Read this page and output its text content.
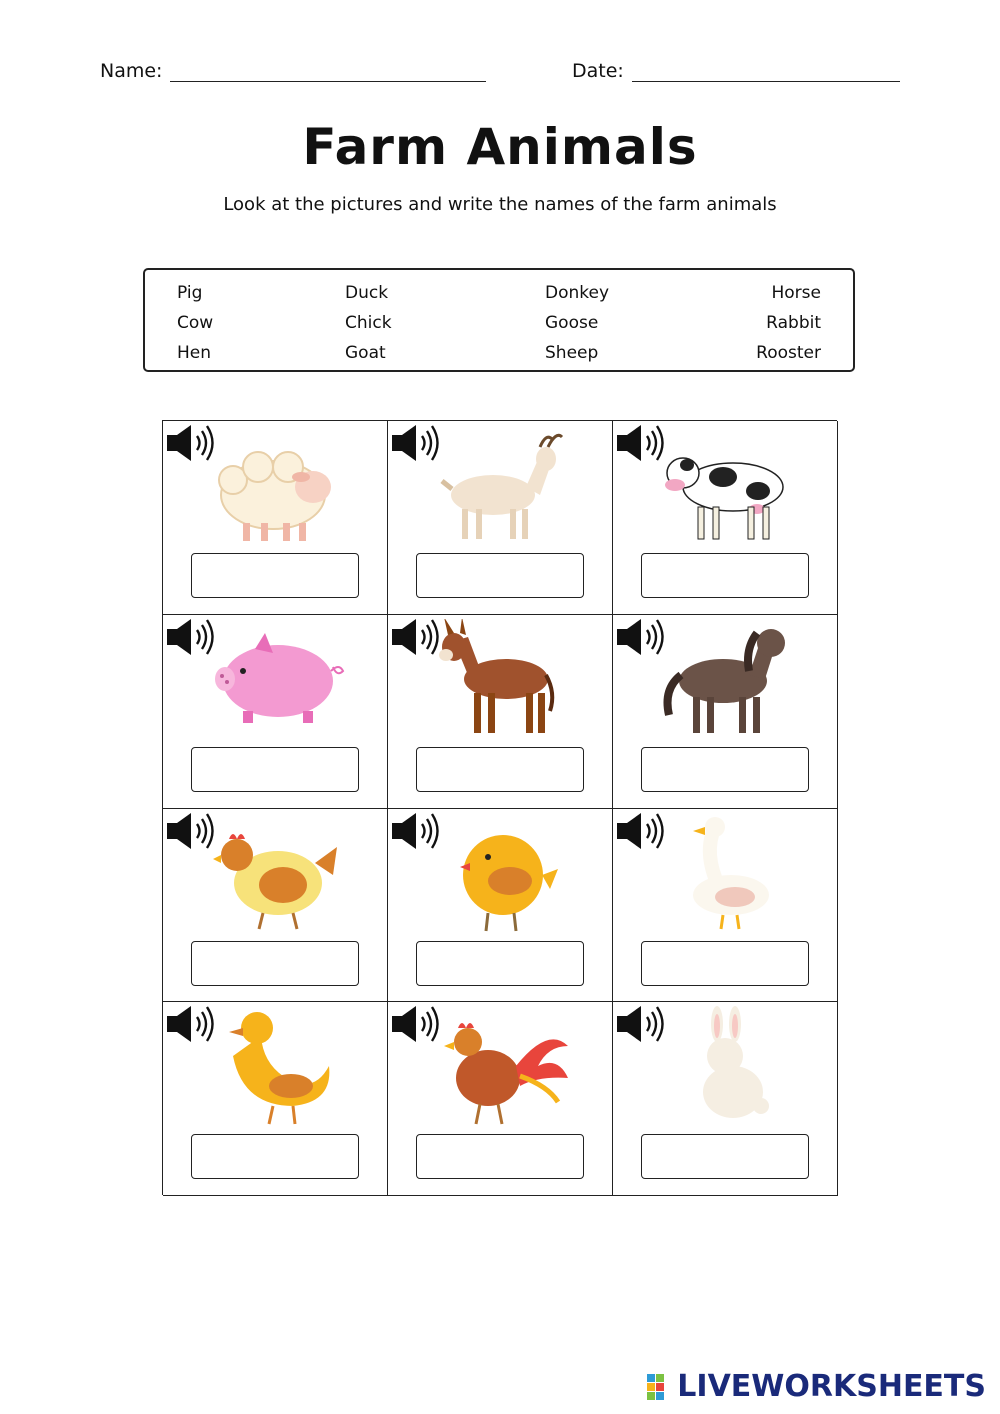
Name:	Date:
Farm Animals
Look at the pictures and write the names of the farm animals
Pig
Cow
Hen
Duck
Chick
Goat
Donkey
Goose
Sheep
Horse
Rabbit
Rooster
LIVEWORKSHEETS
